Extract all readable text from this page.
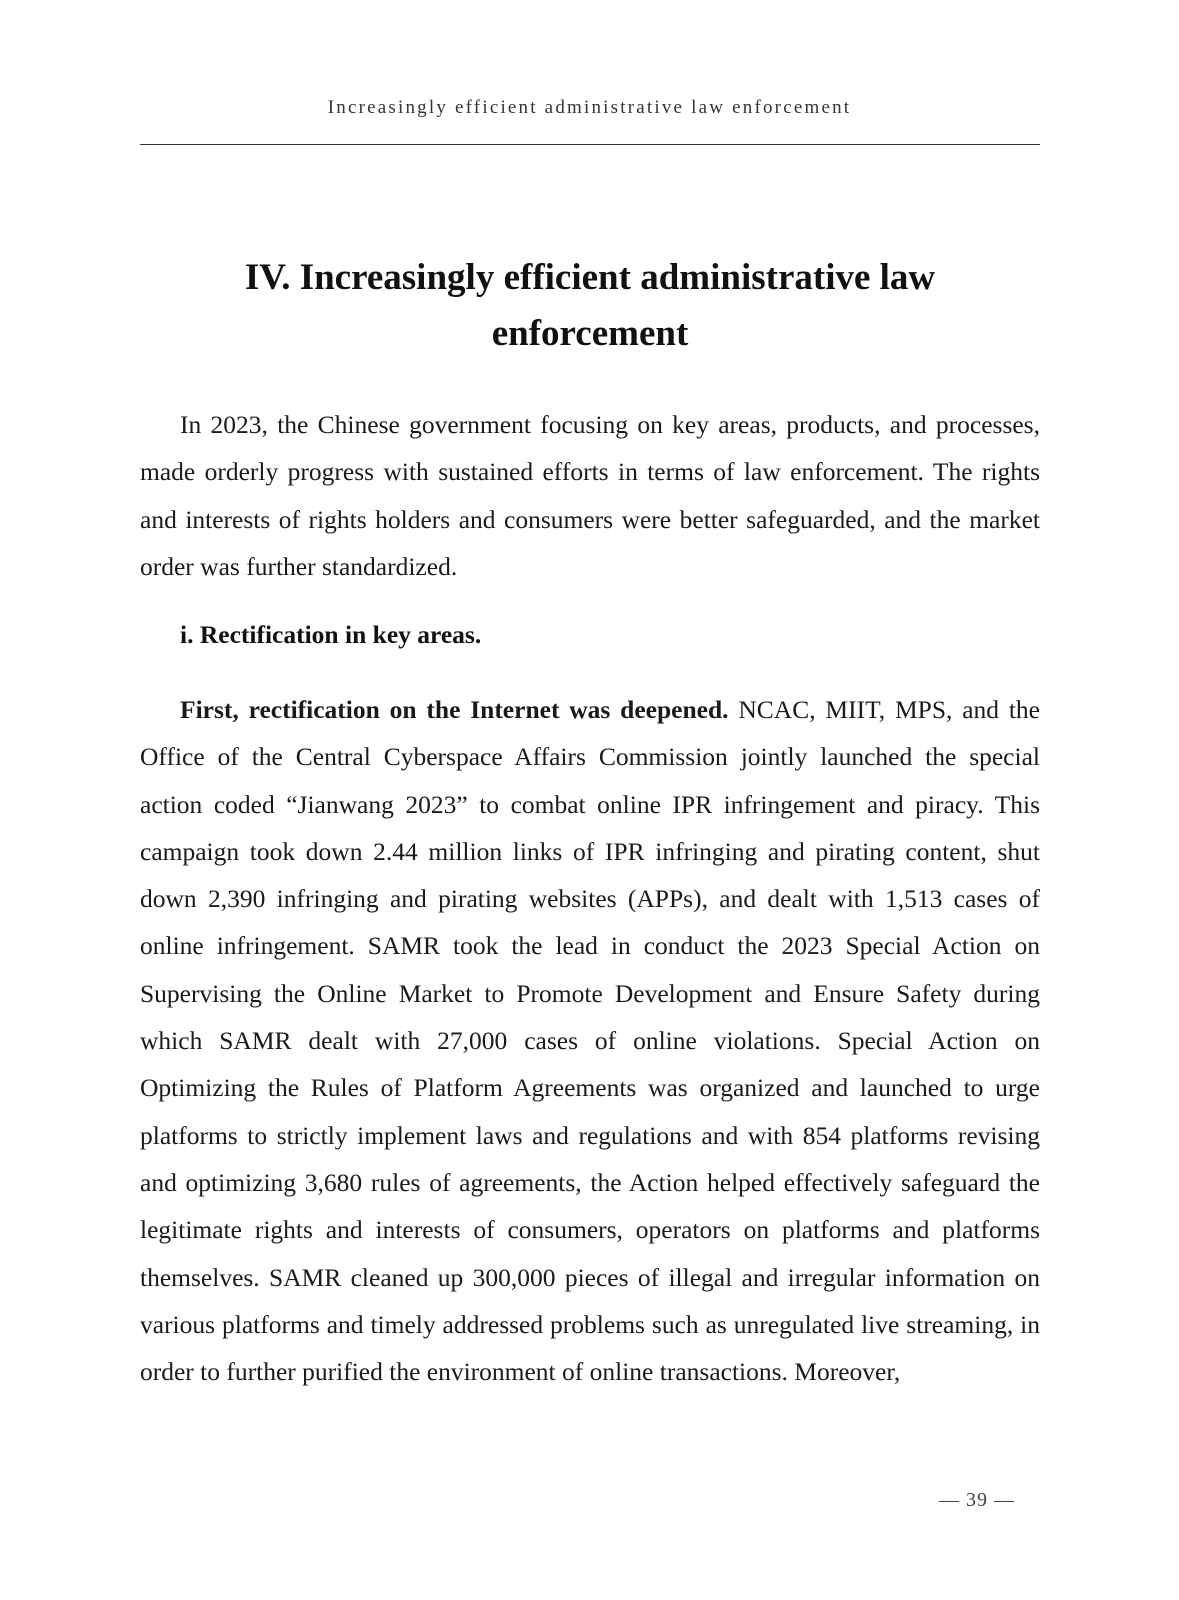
Increasingly efficient administrative law enforcement
IV. Increasingly efficient administrative law
enforcement

In 2023, the Chinese government focusing on key areas, products, and processes, made orderly progress with sustained efforts in terms of law enforcement. The rights and interests of rights holders and consumers were better safeguarded, and the market order was further standardized.

i. Rectification in key areas.

First, rectification on the Internet was deepened. NCAC, MIIT, MPS, and the Office of the Central Cyberspace Affairs Commission jointly launched the special action coded “Jianwang 2023” to combat online IPR infringement and piracy. This campaign took down 2.44 million links of IPR infringing and pirating content, shut down 2,390 infringing and pirating websites (APPs), and dealt with 1,513 cases of online infringement. SAMR took the lead in conduct the 2023 Special Action on Supervising the Online Market to Promote Development and Ensure Safety during which SAMR dealt with 27,000 cases of online violations. Special Action on Optimizing the Rules of Platform Agreements was organized and launched to urge platforms to strictly implement laws and regulations and with 854 platforms revising and optimizing 3,680 rules of agreements, the Action helped effectively safeguard the legitimate rights and interests of consumers, operators on platforms and platforms themselves. SAMR cleaned up 300,000 pieces of illegal and irregular information on various platforms and timely addressed problems such as unregulated live streaming, in order to further purified the environment of online transactions. Moreover,

— 39 —
